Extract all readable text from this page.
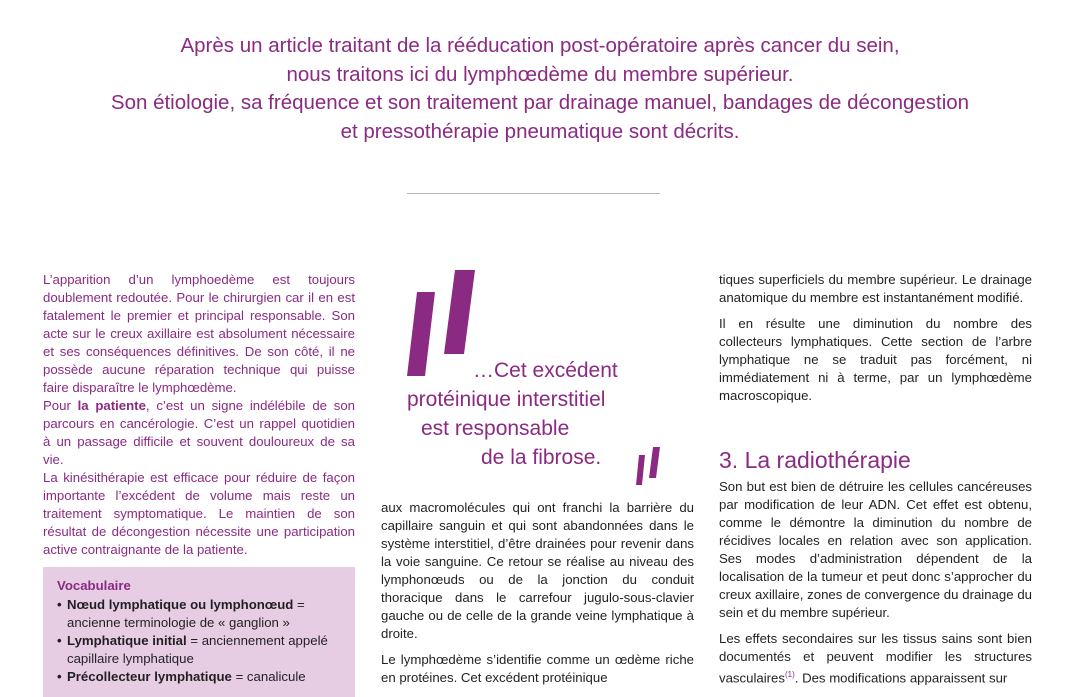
Après un article traitant de la rééducation post-opératoire après cancer du sein,
nous traitons ici du lymphœdème du membre supérieur.
Son étiologie, sa fréquence et son traitement par drainage manuel, bandages de décongestion
et pressothérapie pneumatique sont décrits.

L’apparition d’un lymphoedème est toujours doublement redoutée. Pour le chirurgien car il en est fatalement le premier et principal responsable. Son acte sur le creux axillaire est absolument nécessaire et ses conséquences définitives. De son côté, il ne possède aucune réparation technique qui puisse faire disparaître le lymphœdème.

Pour la patiente, c’est un signe indélébile de son parcours en cancérologie. C’est un rappel quotidien à un passage difficile et souvent douloureux de sa vie.

La kinésithérapie est efficace pour réduire de façon importante l’excédent de volume mais reste un traitement symptomatique. Le maintien de son résultat de décongestion nécessite une participation active contraignante de la patiente.

Vocabulaire
• Nœud lymphatique ou lymphonœud = ancienne terminologie de « ganglion »
• Lymphatique initial = anciennement appelé capillaire lymphatique
• Précollecteur lymphatique = canalicule
…Cet excédent
protéinique interstitiel
est responsable
de la fibrose.

aux macromolécules qui ont franchi la barrière du capillaire sanguin et qui sont abandonnées dans le système interstitiel, d’être drainées pour revenir dans la voie sanguine. Ce retour se réalise au niveau des lymphonœuds ou de la jonction du conduit thoracique dans le carrefour jugulo-sous-clavier gauche ou de celle de la grande veine lymphatique à droite.

Le lymphœdème s’identifie comme un œdème riche en protéines. Cet excédent protéinique

tiques superficiels du membre supérieur. Le drainage anatomique du membre est instantanément modifié.

Il en résulte une diminution du nombre des collecteurs lymphatiques. Cette section de l’arbre lymphatique ne se traduit pas forcément, ni immédiatement ni à terme, par un lymphœdème macroscopique.

3. La radiothérapie

Son but est bien de détruire les cellules cancéreuses par modification de leur ADN. Cet effet est obtenu, comme le démontre la diminution du nombre de récidives locales en relation avec son application. Ses modes d’administration dépendent de la localisation de la tumeur et peut donc s’approcher du creux axillaire, zones de convergence du drainage du sein et du membre supérieur.

Les effets secondaires sur les tissus sains sont bien documentés et peuvent modifier les structures vasculaires$^{(1)}$. Des modifications apparaissent sur
